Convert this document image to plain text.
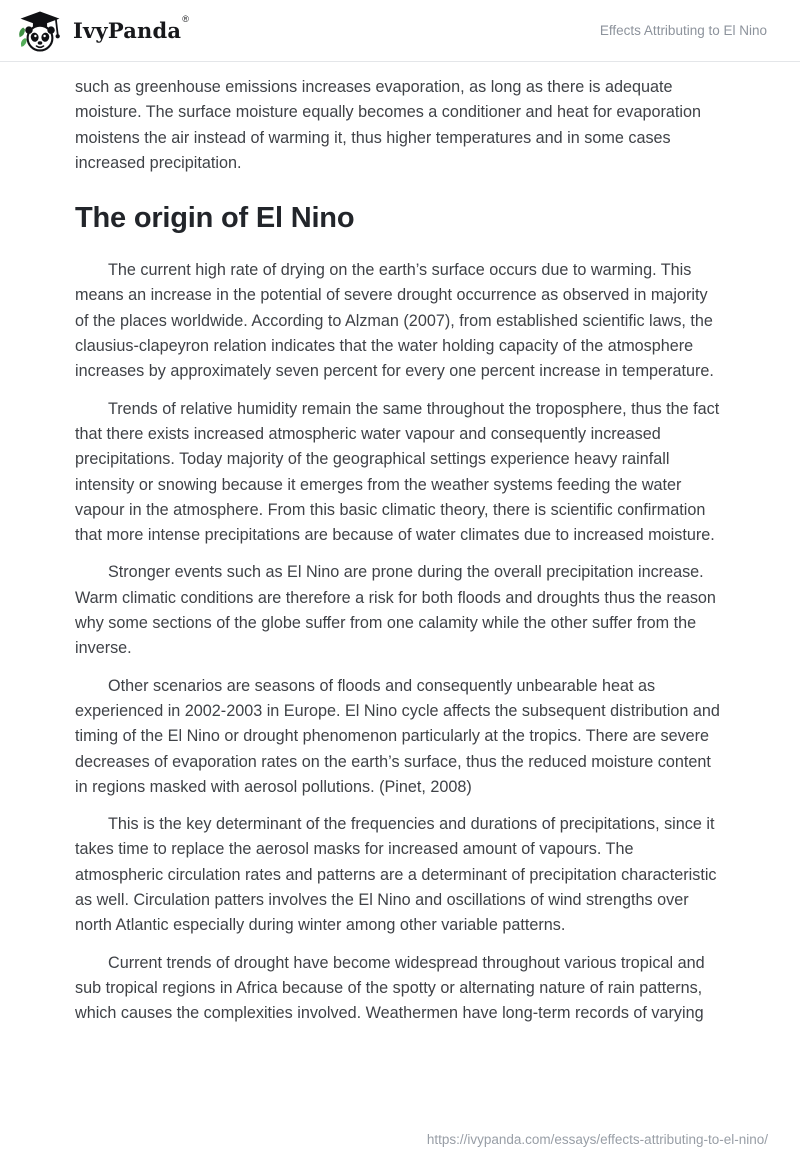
IvyPanda®
Effects Attributing to El Nino

such as greenhouse emissions increases evaporation, as long as there is adequate moisture. The surface moisture equally becomes a conditioner and heat for evaporation moistens the air instead of warming it, thus higher temperatures and in some cases increased precipitation.

The origin of El Nino

The current high rate of drying on the earth’s surface occurs due to warming. This means an increase in the potential of severe drought occurrence as observed in majority of the places worldwide. According to Alzman (2007), from established scientific laws, the clausius-clapeyron relation indicates that the water holding capacity of the atmosphere increases by approximately seven percent for every one percent increase in temperature.

Trends of relative humidity remain the same throughout the troposphere, thus the fact that there exists increased atmospheric water vapour and consequently increased precipitations. Today majority of the geographical settings experience heavy rainfall intensity or snowing because it emerges from the weather systems feeding the water vapour in the atmosphere. From this basic climatic theory, there is scientific confirmation that more intense precipitations are because of water climates due to increased moisture.

Stronger events such as El Nino are prone during the overall precipitation increase. Warm climatic conditions are therefore a risk for both floods and droughts thus the reason why some sections of the globe suffer from one calamity while the other suffer from the inverse.

Other scenarios are seasons of floods and consequently unbearable heat as experienced in 2002-2003 in Europe. El Nino cycle affects the subsequent distribution and timing of the El Nino or drought phenomenon particularly at the tropics. There are severe decreases of evaporation rates on the earth’s surface, thus the reduced moisture content in regions masked with aerosol pollutions. (Pinet, 2008)

This is the key determinant of the frequencies and durations of precipitations, since it takes time to replace the aerosol masks for increased amount of vapours. The atmospheric circulation rates and patterns are a determinant of precipitation characteristic as well. Circulation patters involves the El Nino and oscillations of wind strengths over north Atlantic especially during winter among other variable patterns.

Current trends of drought have become widespread throughout various tropical and sub tropical regions in Africa because of the spotty or alternating nature of rain patterns, which causes the complexities involved. Weathermen have long-term records of varying

https://ivypanda.com/essays/effects-attributing-to-el-nino/
